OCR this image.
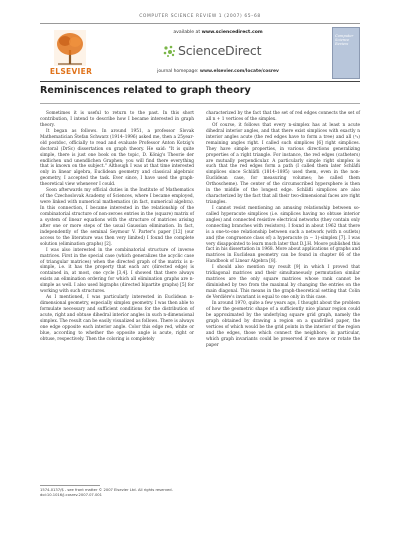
COMPUTER SCIENCE REVIEW 1 (2007) 65–68
ELSEVIER
available at www.sciencedirect.com
ScienceDirect
journal homepage: www.elsevier.com/locate/cosrev
Computer Science Review
Reminiscences related to graph theory

Sometimes it is useful to return to the past. In this short contribution, I intend to describe how I became interested in graph theory.

It began as follows. In around 1951, a professor Slovak Mathematician Štefan Schwarz (1914–1996) asked me, then a 25year-old postdoc, officially to read and evaluate Professor Anton Kotzig's doctoral (DrSc) dissertation on graph theory. He said: "It is quite simple, there is just one book on the topic, D. König's Theorie der endlichen und unendlichen Graphen; you will find there everything that is known on the subject." Although I was at that time interested only in linear algebra, Euclidean geometry and classical algebraic geometry, I accepted the task. Ever since, I have used the graph-theoretical view whenever I could.

Soon afterwards my official duties in the Institute of Mathematics of the Czechoslovak Academy of Sciences, where I became employed, were linked with numerical mathematics (in fact, numerical algebra). In this connection, I became interested in the relationship of the combinatorial structure of non-zeroes entries in the (square) matrix of a system of linear equations with the structure of matrices arising after one or more steps of the usual Gaussian elimination. In fact, independently of the seminal Seymour V. Parter's paper [12] (our access to the literature was then very limited) I found the complete solution (elimination graphs) [2].

I was also interested in the combinatorial structure of inverse matrices. First in the special case (which generalizes the acyclic case of triangular matrices) when the directed graph of the matrix is n-simple, i.e. it has the property that each arc (directed edge) is contained in, at most, one cycle [3,4]. I showed that there always exists an elimination ordering for which all elimination graphs are n-simple as well. I also used bigraphs (directed bipartite graphs) [5] for working with such structures.

As I mentioned, I was particularly interested in Euclidean n-dimensional geometry, especially simplex geometry. I was then able to formulate necessary and sufficient conditions for the distribution of acute, right and obtuse dihedral interior angles in such n-dimensional simplex. The result can be easily visualized as follows. There is always one edge opposite each interior angle. Color this edge red, white or blue, according to whether the opposite angle is acute, right or obtuse, respectively. Then the coloring is completely

characterized by the fact that the set of red edges connects the set of all n + 1 vertices of the simplex.

Of course, it follows that every n-simplex has at least n acute dihedral interior angles, and that there exist simplices with exactly n interior angles acute (the red edges have to form a tree) and all (ⁿ₂) remaining angles right. I called such simplices [6] right simplices. They have simple properties, in various directions generalizing properties of a right triangle. For instance, the red edges (catheters) are mutually perpendicular. A particularly simple right simplex is such that the red edges form a path (I called them later Schläfli simplices since Schläfli (1814–1895) used them, even in the non-Euclidean case, for measuring volumes; he called them Orthoscheme). The center of the circumscribed hypersphere is then in the middle of the longest edge. Schläfli simplices are also characterized by the fact that all their two-dimensional faces are right triangles.

I cannot resist mentioning an amusing relationship between so-called hyperacute simplices (i.e. simplices having no obtuse interior angles) and connected resistive electrical networks (they contain only connecting branches with resistors). I found in about 1962 that there is a one-to-one relationship between such a network (with n outlets) and (the congruence class of) a hyperacute (n − 1)-simplex [7]. I was very disappointed to learn much later that D.J.H. Moore published this fact in his dissertation in 1968. More about applications of graphs and matrices in Euclidean geometry can be found in chapter 66 of the Handbook of Linear Algebra [8].

I should also mention my result [9] in which I proved that tridiagonal matrices and their simultaneously permutation similar matrices are the only square matrices whose rank cannot be diminished by two from the maximal by changing the entries on the main diagonal. This means in the graph-theoretical setting that Colin de Verdière's invariant is equal to one only in this case.

In around 1970, quite a few years ago, I thought about the problem of how the geometric shape of a sufficiently nice planar region could be approximated by the underlying square grid graph, namely the graph obtained by drawing a region on a quadrilled paper, the vertices of which would be the grid points in the interior of the region and the edges, those which connect the neighbors; in particular, which graph invariants could be preserved if we move or rotate the paper

1574-0137/$ - see front matter © 2007 Elsevier Ltd. All rights reserved.
doi:10.1016/j.cosrev.2007.07.001
